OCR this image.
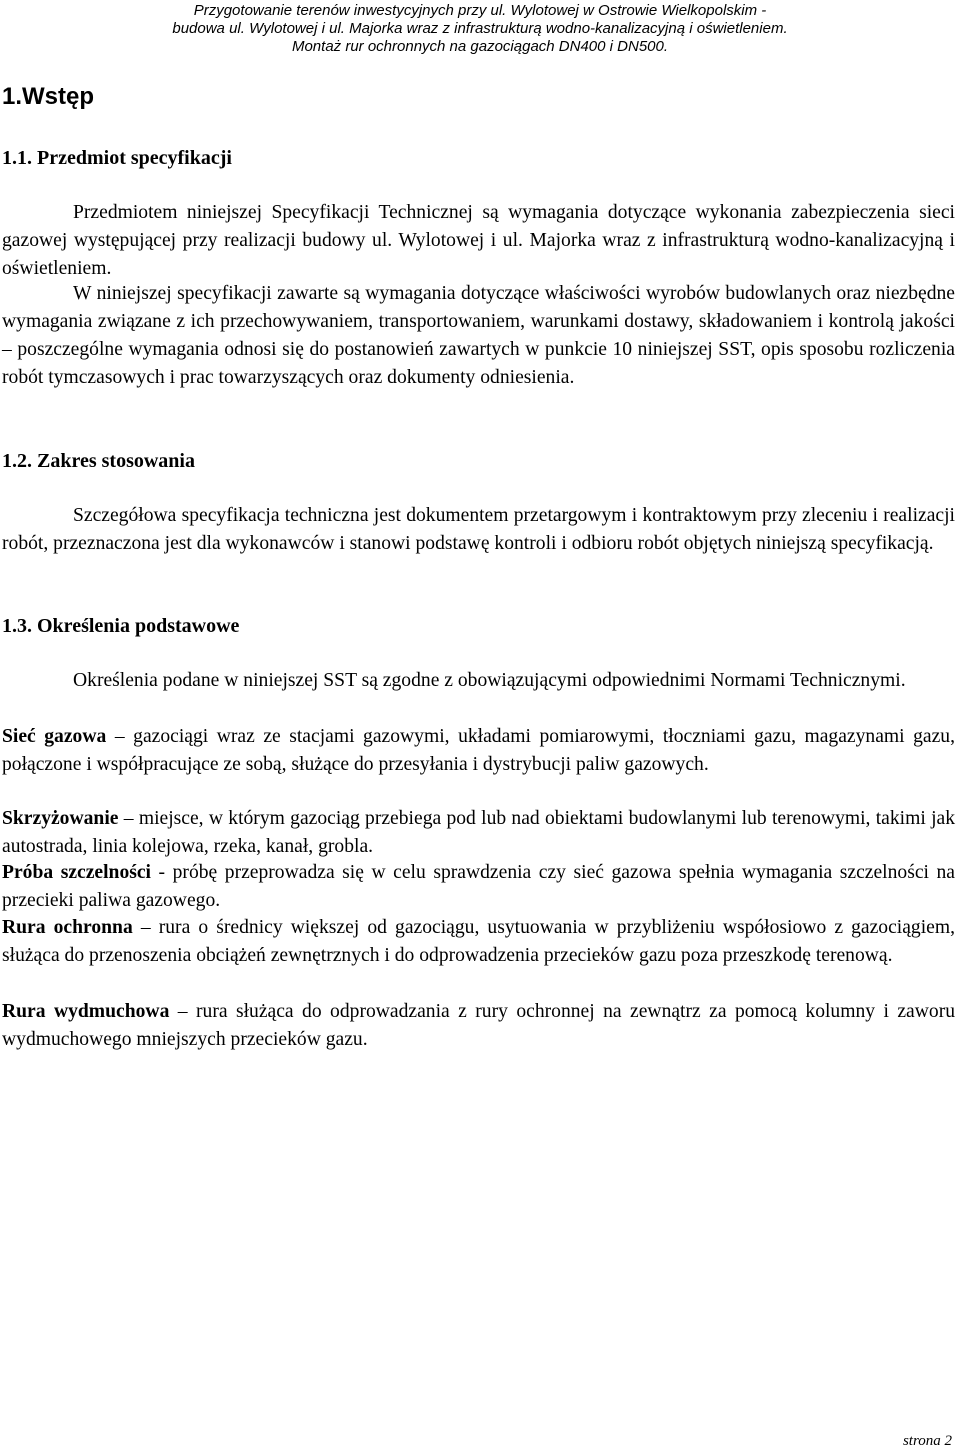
Przygotowanie terenów inwestycyjnych przy ul. Wylotowej w Ostrowie Wielkopolskim -
budowa ul. Wylotowej i ul. Majorka wraz z infrastrukturą wodno-kanalizacyjną i oświetleniem.
Montaż rur ochronnych na gazociągach DN400 i DN500.
1.Wstęp
1.1. Przedmiot specyfikacji

Przedmiotem niniejszej Specyfikacji Technicznej są wymagania dotyczące wykonania zabezpieczenia sieci gazowej występującej przy realizacji budowy ul. Wylotowej i ul. Majorka wraz z infrastrukturą wodno-kanalizacyjną i oświetleniem.

W niniejszej specyfikacji zawarte są wymagania dotyczące właściwości wyrobów budowlanych oraz niezbędne wymagania związane z ich przechowywaniem, transportowaniem, warunkami dostawy, składowaniem i kontrolą jakości – poszczególne wymagania odnosi się do postanowień zawartych w punkcie 10 niniejszej SST, opis sposobu rozliczenia robót tymczasowych i prac towarzyszących oraz dokumenty odniesienia.

1.2. Zakres stosowania

Szczegółowa specyfikacja techniczna jest dokumentem przetargowym i kontraktowym przy zleceniu i realizacji robót, przeznaczona jest dla wykonawców i stanowi podstawę kontroli i odbioru robót objętych niniejszą specyfikacją.

1.3. Określenia podstawowe

Określenia podane w niniejszej SST są zgodne z obowiązującymi odpowiednimi Normami Technicznymi.

Sieć gazowa – gazociągi wraz ze stacjami gazowymi, układami pomiarowymi, tłoczniami gazu, magazynami gazu, połączone i współpracujące ze sobą, służące do przesyłania i dystrybucji paliw gazowych.

Skrzyżowanie – miejsce, w którym gazociąg przebiega pod lub nad obiektami budowlanymi lub terenowymi, takimi jak autostrada, linia kolejowa, rzeka, kanał, grobla.

Próba szczelności - próbę przeprowadza się w celu sprawdzenia czy sieć gazowa spełnia wymagania szczelności na przecieki paliwa gazowego.

Rura ochronna – rura o średnicy większej od gazociągu, usytuowania w przybliżeniu współosiowo z gazociągiem, służąca do przenoszenia obciążeń zewnętrznych i do odprowadzenia przecieków gazu poza przeszkodę terenową.

Rura wydmuchowa – rura służąca do odprowadzania z rury ochronnej na zewnątrz za pomocą kolumny i zaworu wydmuchowego mniejszych przecieków gazu.

strona 2
